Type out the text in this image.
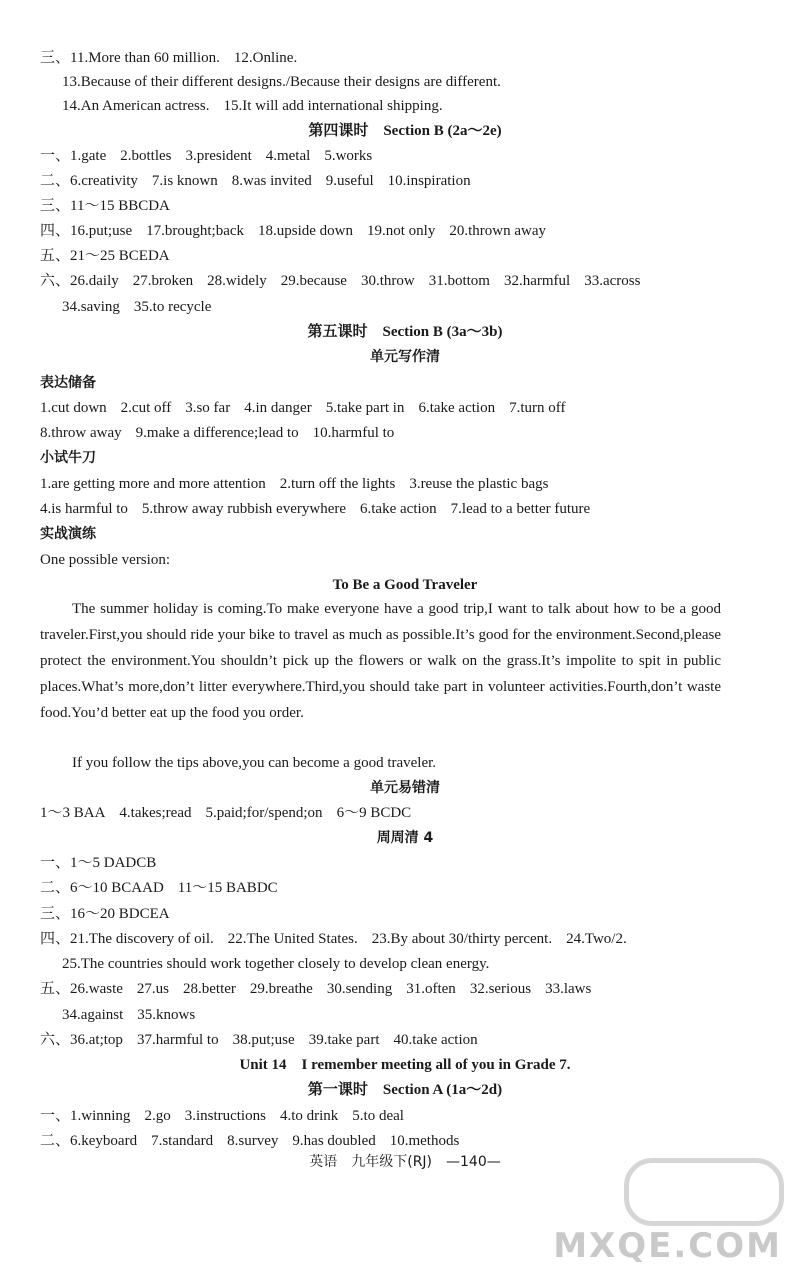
三、11.More than 60 million. 12.Online.
13.Because of their different designs./Because their designs are different.
14.An American actress. 15.It will add international shipping.
第四课时　Section B (2a～2e)
一、1.gate 2.bottles 3.president 4.metal 5.works
二、6.creativity 7.is known 8.was invited 9.useful 10.inspiration
三、11～15 BBCDA
四、16.put;use 17.brought;back 18.upside down 19.not only 20.thrown away
五、21～25 BCEDA
六、26.daily 27.broken 28.widely 29.because 30.throw 31.bottom 32.harmful 33.across
34.saving 35.to recycle
第五课时　Section B (3a～3b)
单元写作清
表达储备
1.cut down 2.cut off 3.so far 4.in danger 5.take part in 6.take action 7.turn off
8.throw away 9.make a difference;lead to 10.harmful to
小试牛刀
1.are getting more and more attention 2.turn off the lights 3.reuse the plastic bags
4.is harmful to 5.throw away rubbish everywhere 6.take action 7.lead to a better future
实战演练
One possible version:
单元易错清
1～3 BAA 4.takes;read 5.paid;for/spend;on 6～9 BCDC
周周清 4
一、1～5 DADCB
二、6～10 BCAAD 11～15 BABDC
三、16～20 BDCEA
四、21.The discovery of oil. 22.The United States. 23.By about 30/thirty percent. 24.Two/2.
25.The countries should work together closely to develop clean energy.
五、26.waste 27.us 28.better 29.breathe 30.sending 31.often 32.serious 33.laws
34.against 35.knows
六、36.at;top 37.harmful to 38.put;use 39.take part 40.take action
Unit 14　I remember meeting all of you in Grade 7.
第一课时　Section A (1a～2d)
一、1.winning 2.go 3.instructions 4.to drink 5.to deal
二、6.keyboard 7.standard 8.survey 9.has doubled 10.methods
To Be a Good Traveler
The summer holiday is coming.To make everyone have a good trip,I want to talk about how to be a good traveler.First,you should ride your bike to travel as much as possible.It’s good for the environment.Second,please protect the environment.You shouldn’t pick up the flowers or walk on the grass.It’s impolite to spit in public places.What’s more,don’t litter everywhere.Third,you should take part in volunteer activities.Fourth,don’t waste food.You’d better eat up the food you order.
If you follow the tips above,you can become a good traveler.
英语　九年级下(RJ)　—140—
MXQE.COM
